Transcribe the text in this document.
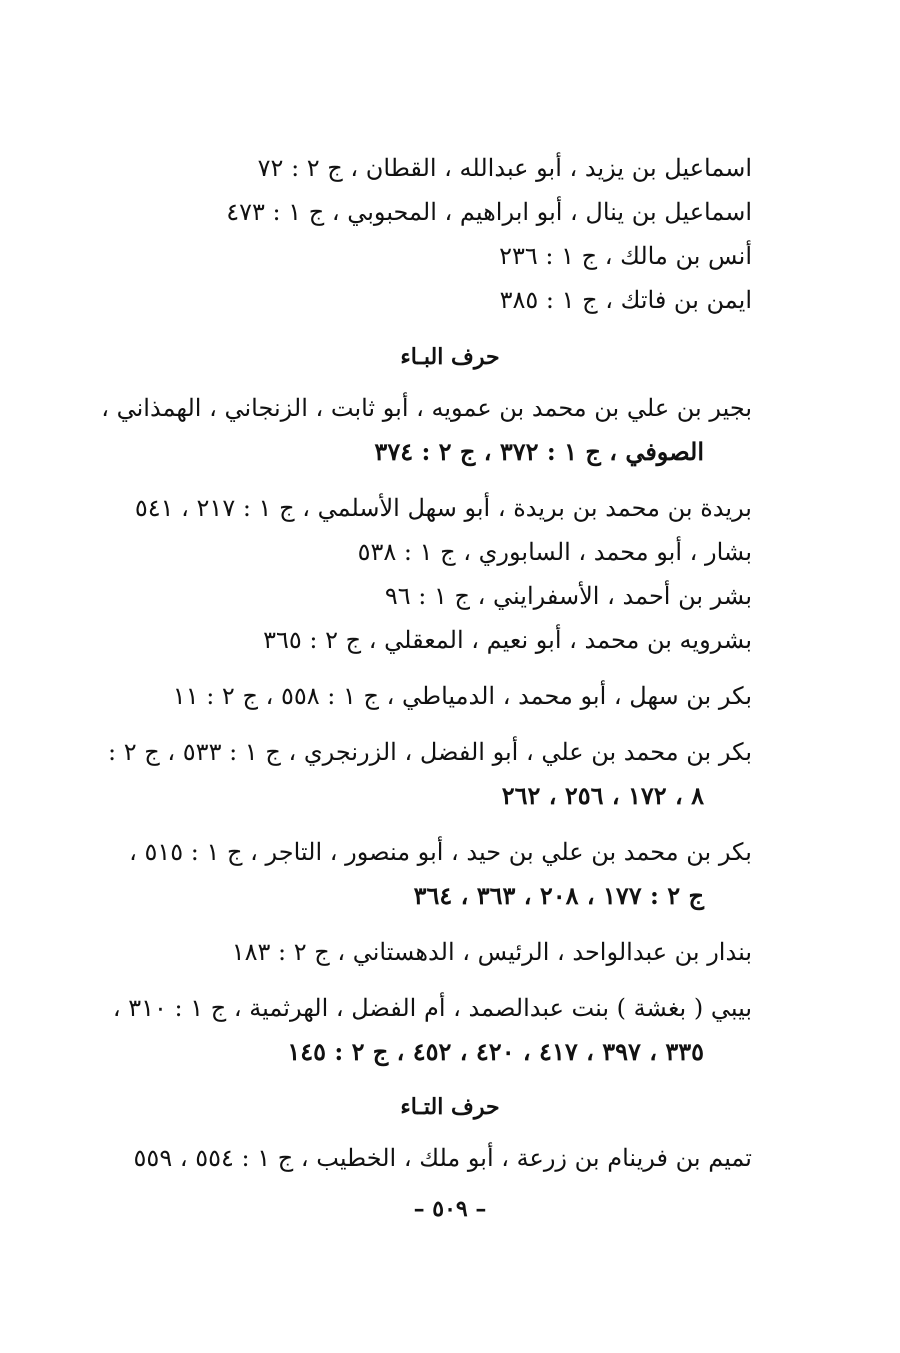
اسماعيل بن يزيد ، أبو عبدالله ، القطان ، ج ٢ : ٧٢

اسماعيل بن ينال ، أبو ابراهيم ، المحبوبي ، ج ١ : ٤٧٣

أنس بن مالك ، ج ١ : ٢٣٦

ايمن بن فاتك ، ج ١ : ٣٨٥

حرف البـاء

بجير بن علي بن محمد بن عمويه ، أبو ثابت ، الزنجاني ، الهمذاني ،

الصوفي ، ج ١ : ٣٧٢ ، ج ٢ : ٣٧٤

بريدة بن محمد بن بريدة ، أبو سهل الأسلمي ، ج ١ : ٢١٧ ، ٥٤١

بشار ، أبو محمد ، السابوري ، ج ١ : ٥٣٨

بشر بن أحمد ، الأسفرايني ، ج ١ : ٩٦

بشرويه بن محمد ، أبو نعيم ، المعقلي ، ج ٢ : ٣٦٥

بكر بن سهل ، أبو محمد ، الدمياطي ، ج ١ : ٥٥٨ ، ج ٢ : ١١

بكر بن محمد بن علي ، أبو الفضل ، الزرنجري ، ج ١ : ٥٣٣ ، ج ٢ :

٨ ، ١٧٢ ، ٢٥٦ ، ٢٦٢

بكر بن محمد بن علي بن حيد ، أبو منصور ، التاجر ، ج ١ : ٥١٥ ،

ج ٢ : ١٧٧ ، ٢٠٨ ، ٣٦٣ ، ٣٦٤

بندار بن عبدالواحد ، الرئيس ، الدهستاني ، ج ٢ : ١٨٣

بيبي ( بغشة ) بنت عبدالصمد ، أم الفضل ، الهرثمية ، ج ١ : ٣١٠ ،

٣٣٥ ، ٣٩٧ ، ٤١٧ ، ٤٢٠ ، ٤٥٢ ، ج ٢ : ١٤٥

حرف التـاء

تميم بن فرينام بن زرعة ، أبو ملك ، الخطيب ، ج ١ : ٥٥٤ ، ٥٥٩

– ٥٠٩ –
